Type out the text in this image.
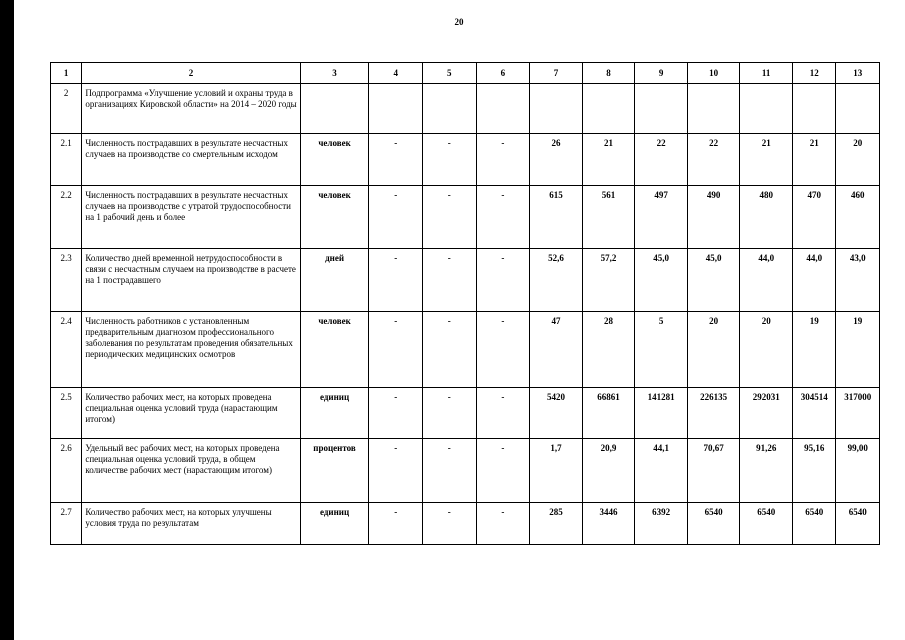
20
1	2	3	4	5	6	7	8	9	10	11	12	13
2	Подпрограмма «Улучшение условий и охраны труда в организациях Кировской области» на 2014 – 2020 годы											
2.1	Численность пострадавших в результате несчастных случаев на производстве со смертельным исходом	человек	-	-	-	26	21	22	22	21	21	20
2.2	Численность пострадавших в результате несчастных случаев на производстве с утратой трудоспособности на 1 рабочий день и более	человек	-	-	-	615	561	497	490	480	470	460
2.3	Количество дней временной нетрудоспособности в связи с несчастным случаем на производстве в расчете на 1 пострадавшего	дней	-	-	-	52,6	57,2	45,0	45,0	44,0	44,0	43,0
2.4	Численность работников с установленным предварительным диагнозом профессионального заболевания по результатам проведения обязательных периодических медицинских осмотров	человек	-	-	-	47	28	5	20	20	19	19
2.5	Количество рабочих мест, на которых проведена специальная оценка условий труда (нарастающим итогом)	единиц	-	-	-	5420	66861	141281	226135	292031	304514	317000
2.6	Удельный вес рабочих мест, на которых проведена специальная оценка условий труда, в общем количестве рабочих мест (нарастающим итогом)	процентов	-	-	-	1,7	20,9	44,1	70,67	91,26	95,16	99,00
2.7	Количество рабочих мест, на которых улучшены условия труда по результатам	единиц	-	-	-	285	3446	6392	6540	6540	6540	6540
